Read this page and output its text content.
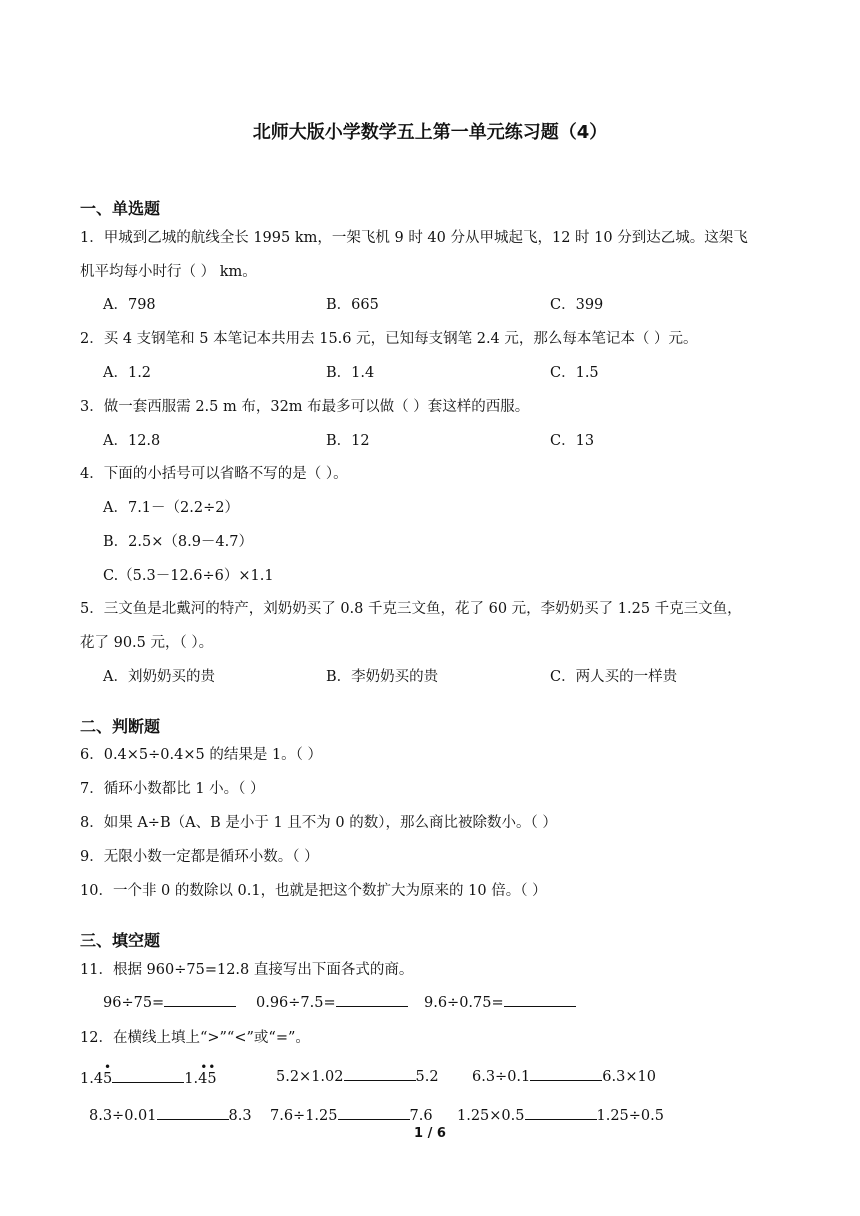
北师大版小学数学五上第一单元练习题（4）
一、单选题
1．甲城到乙城的航线全长 1995 km，一架飞机 9 时 40 分从甲城起飞，12 时 10 分到达乙城。这架飞
机平均每小时行（ ） km。
A．798	B．665	C．399
2．买 4 支钢笔和 5 本笔记本共用去 15.6 元，已知每支钢笔 2.4 元，那么每本笔记本（ ）元。
A．1.2	B．1.4	C．1.5
3．做一套西服需 2.5 m 布，32m 布最多可以做（ ）套这样的西服。
A．12.8	B．12	C．13
4．下面的小括号可以省略不写的是（ ）。
A．7.1－（2.2÷2）
B．2.5×（8.9－4.7）
C.（5.3－12.6÷6）×1.1
5．三文鱼是北戴河的特产，刘奶奶买了 0.8 千克三文鱼，花了 60 元，李奶奶买了 1.25 千克三文鱼，
花了 90.5 元，（ ）。
A．刘奶奶买的贵	B．李奶奶买的贵	C．两人买的一样贵
二、判断题
6．0.4×5÷0.4×5 的结果是 1。（ ）
7．循环小数都比 1 小。（ ）
8．如果 A÷B（A、B 是小于 1 且不为 0 的数），那么商比被除数小。（ ）
9．无限小数一定都是循环小数。（ ）
10．一个非 0 的数除以 0.1，也就是把这个数扩大为原来的 10 倍。（ ）
三、填空题
11．根据 960÷75=12.8 直接写出下面各式的商。
96÷75=	0.96÷7.5=	9.6÷0.75=
12．在横线上填上“>”“<”或“=”。
•
1.45
• •
1.45	5.2×1.02	5.2 6.3÷0.1	6.3×10
8.3÷0.01	8.3 7.6÷1.25	7.6 1.25×0.5	1.25÷0.5
1 / 6
